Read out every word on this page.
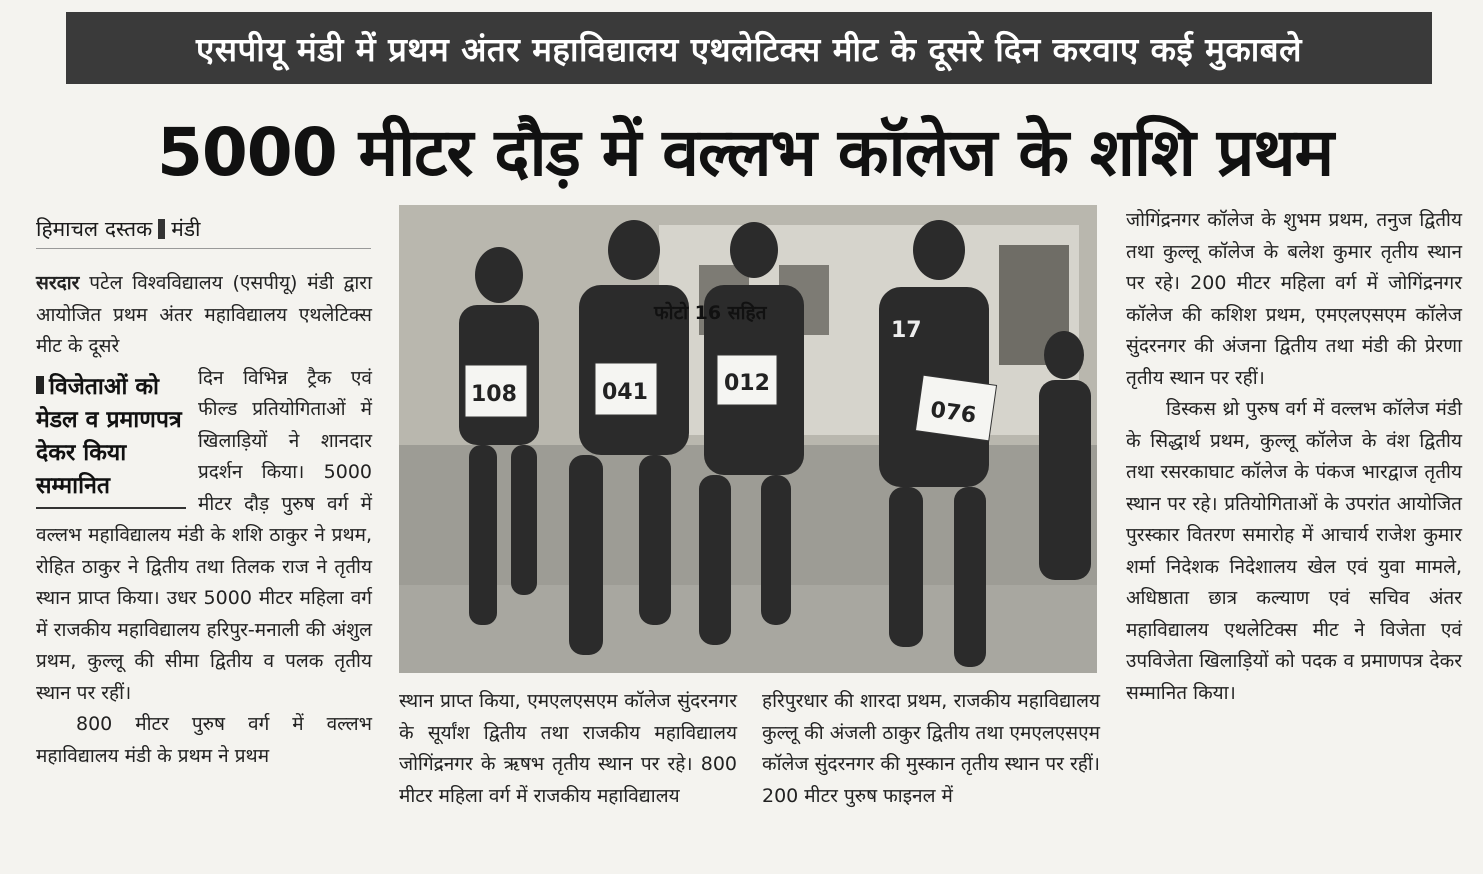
एसपीयू मंडी में प्रथम अंतर महाविद्यालय एथलेटिक्स मीट के दूसरे दिन करवाए कई मुकाबले
5000 मीटर दौड़ में वल्लभ कॉलेज के शशि प्रथम
हिमाचल दस्तक मंडी

सरदार पटेल विश्वविद्यालय (एसपीयू) मंडी द्वारा आयोजित प्रथम अंतर महाविद्यालय एथलेटिक्स मीट के दूसरे

विजेताओं को मेडल व प्रमाणपत्र देकर किया सम्मानित

दिन विभिन्न ट्रैक एवं फील्ड प्रतियोगिताओं में खिलाड़ियों ने शानदार प्रदर्शन किया। 5000 मीटर दौड़ पुरुष वर्ग में वल्लभ महाविद्यालय मंडी के शशि ठाकुर ने प्रथम, रोहित ठाकुर ने द्वितीय तथा तिलक राज ने तृतीय स्थान प्राप्त किया। उधर 5000 मीटर महिला वर्ग में राजकीय महाविद्यालय हरिपुर-मनाली की अंशुल प्रथम, कुल्लू की सीमा द्वितीय व पलक तृतीय स्थान पर रहीं।

800 मीटर पुरुष वर्ग में वल्लभ महाविद्यालय मंडी के प्रथम ने प्रथम

108	041	012
17
076
फोटो 16 सहित

स्थान प्राप्त किया, एमएलएसएम कॉलेज सुंदरनगर के सूर्यांश द्वितीय तथा राजकीय महाविद्यालय जोगिंद्रनगर के ऋषभ तृतीय स्थान पर रहे। 800 मीटर महिला वर्ग में राजकीय महाविद्यालय

हरिपुरधार की शारदा प्रथम, राजकीय महाविद्यालय कुल्लू की अंजली ठाकुर द्वितीय तथा एमएलएसएम कॉलेज सुंदरनगर की मुस्कान तृतीय स्थान पर रहीं। 200 मीटर पुरुष फाइनल में

जोगिंद्रनगर कॉलेज के शुभम प्रथम, तनुज द्वितीय तथा कुल्लू कॉलेज के बलेश कुमार तृतीय स्थान पर रहे। 200 मीटर महिला वर्ग में जोगिंद्रनगर कॉलेज की कशिश प्रथम, एमएलएसएम कॉलेज सुंदरनगर की अंजना द्वितीय तथा मंडी की प्रेरणा तृतीय स्थान पर रहीं।

डिस्कस थ्रो पुरुष वर्ग में वल्लभ कॉलेज मंडी के सिद्धार्थ प्रथम, कुल्लू कॉलेज के वंश द्वितीय तथा रसरकाघाट कॉलेज के पंकज भारद्वाज तृतीय स्थान पर रहे। प्रतियोगिताओं के उपरांत आयोजित पुरस्कार वितरण समारोह में आचार्य राजेश कुमार शर्मा निदेशक निदेशालय खेल एवं युवा मामले, अधिष्ठाता छात्र कल्याण एवं सचिव अंतर महाविद्यालय एथलेटिक्स मीट ने विजेता एवं उपविजेता खिलाड़ियों को पदक व प्रमाणपत्र देकर सम्मानित किया।
